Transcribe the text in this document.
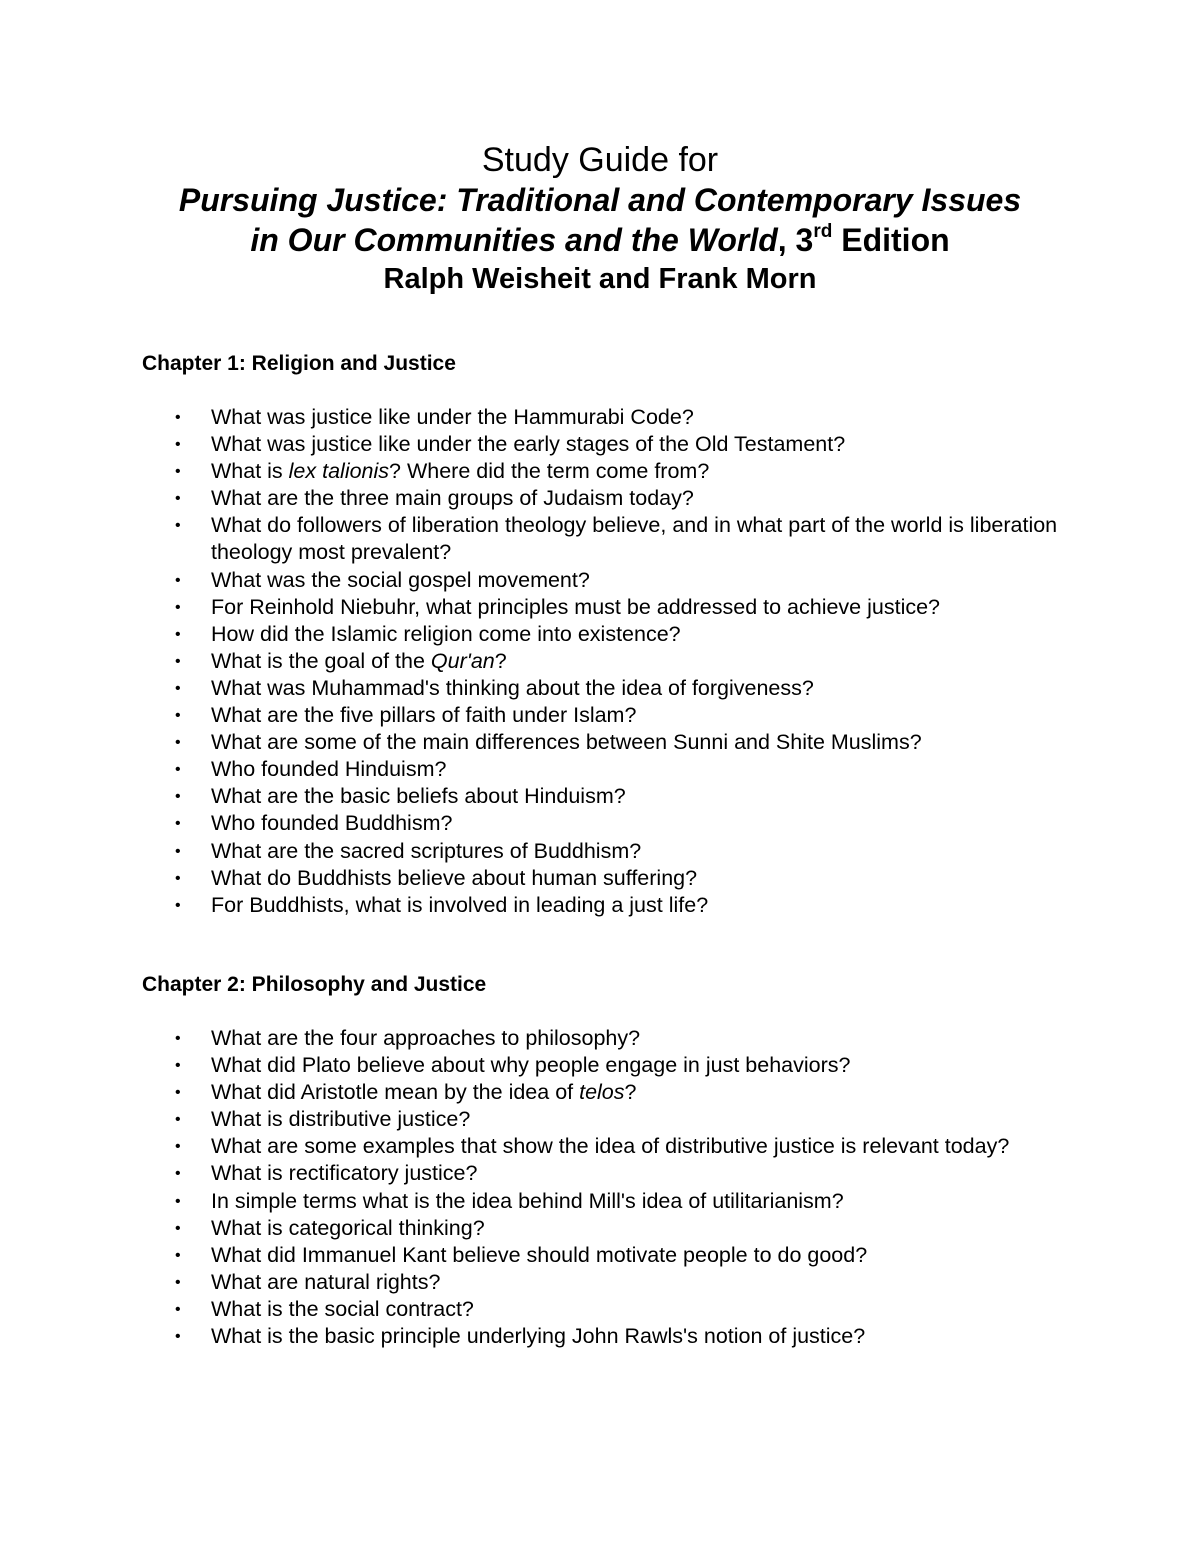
Study Guide for

Pursuing Justice: Traditional and Contemporary Issues

in Our Communities and the World, 3rd Edition

Ralph Weisheit and Frank Morn

Chapter 1: Religion and Justice

• What was justice like under the Hammurabi Code?
• What was justice like under the early stages of the Old Testament?
• What is lex talionis? Where did the term come from?
• What are the three main groups of Judaism today?
• What do followers of liberation theology believe, and in what part of the world is liberation theology most prevalent?
• What was the social gospel movement?
• For Reinhold Niebuhr, what principles must be addressed to achieve justice?
• How did the Islamic religion come into existence?
• What is the goal of the Qur'an?
• What was Muhammad's thinking about the idea of forgiveness?
• What are the five pillars of faith under Islam?
• What are some of the main differences between Sunni and Shite Muslims?
• Who founded Hinduism?
• What are the basic beliefs about Hinduism?
• Who founded Buddhism?
• What are the sacred scriptures of Buddhism?
• What do Buddhists believe about human suffering?
• For Buddhists, what is involved in leading a just life?

Chapter 2: Philosophy and Justice

• What are the four approaches to philosophy?
• What did Plato believe about why people engage in just behaviors?
• What did Aristotle mean by the idea of telos?
• What is distributive justice?
• What are some examples that show the idea of distributive justice is relevant today?
• What is rectificatory justice?
• In simple terms what is the idea behind Mill's idea of utilitarianism?
• What is categorical thinking?
• What did Immanuel Kant believe should motivate people to do good?
• What are natural rights?
• What is the social contract?
• What is the basic principle underlying John Rawls's notion of justice?
